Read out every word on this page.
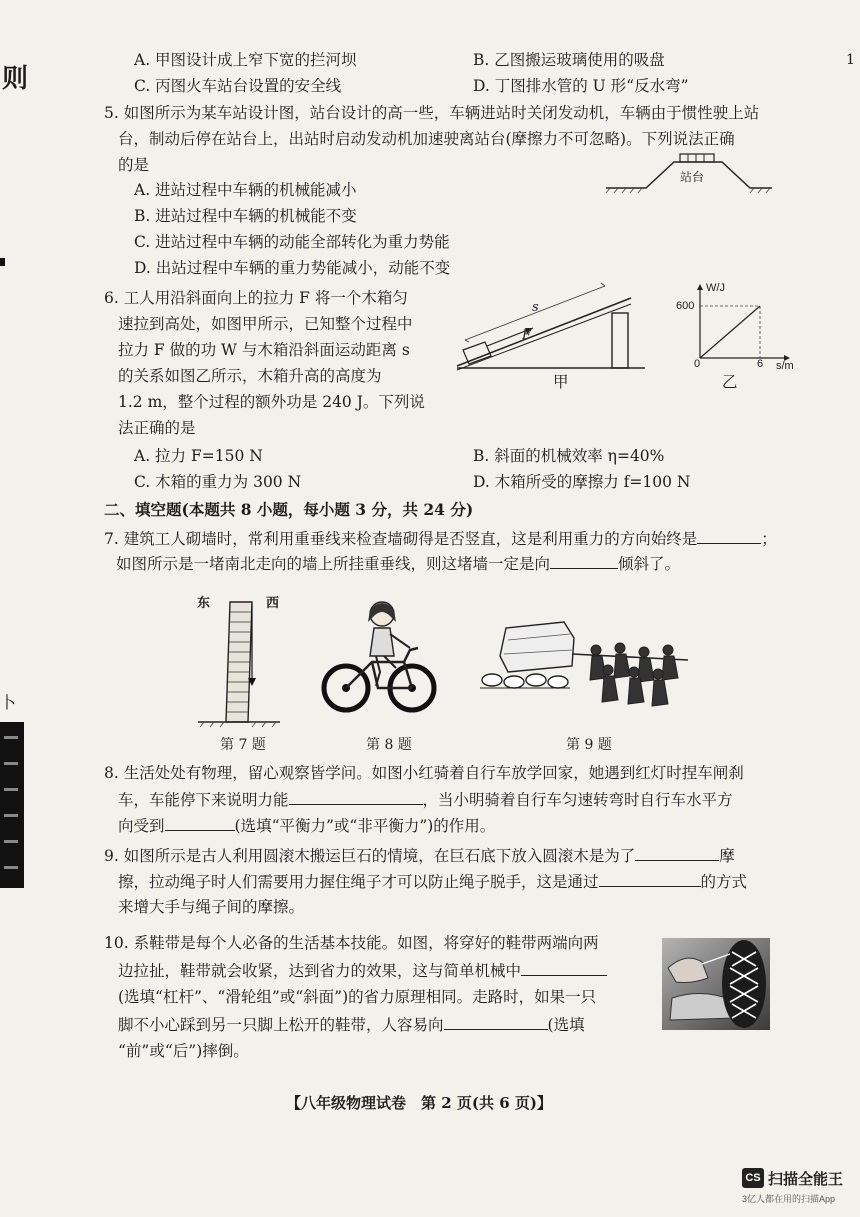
则
卜
1
A. 甲图设计成上窄下宽的拦河坝	B. 乙图搬运玻璃使用的吸盘
C. 丙图火车站台设置的安全线	D. 丁图排水管的 U 形“反水弯”
5. 如图所示为某车站设计图，站台设计的高一些，车辆进站时关闭发动机，车辆由于惯性驶上站
台，制动后停在站台上，出站时启动发动机加速驶离站台(摩擦力不可忽略)。下列说法正确
的是
A. 进站过程中车辆的机械能减小
B. 进站过程中车辆的机械能不变
C. 进站过程中车辆的动能全部转化为重力势能
D. 出站过程中车辆的重力势能减小，动能不变
站台
6. 工人用沿斜面向上的拉力 F 将一个木箱匀
速拉到高处，如图甲所示，已知整个过程中
拉力 F 做的功 W 与木箱沿斜面运动距离 s
的关系如图乙所示，木箱升高的高度为
1.2 m，整个过程的额外功是 240 J。下列说
法正确的是
s
F
甲
W/J
600
0	6 s/m
乙
A. 拉力 F=150 N	B. 斜面的机械效率 η=40%
C. 木箱的重力为 300 N	D. 木箱所受的摩擦力 f=100 N
二、填空题(本题共 8 小题，每小题 3 分，共 24 分)
7. 建筑工人砌墙时，常利用重垂线来检查墙砌得是否竖直，这是利用重力的方向始终是	；
如图所示是一堵南北走向的墙上所挂重垂线，则这堵墙一定是向	倾斜了。
东	西
第 7 题	第 8 题	第 9 题
8. 生活处处有物理，留心观察皆学问。如图小红骑着自行车放学回家，她遇到红灯时捏车闸刹
车，车能停下来说明力能	，当小明骑着自行车匀速转弯时自行车水平方
向受到	(选填“平衡力”或“非平衡力”)的作用。
9. 如图所示是古人利用圆滚木搬运巨石的情境，在巨石底下放入圆滚木是为了	摩
擦，拉动绳子时人们需要用力握住绳子才可以防止绳子脱手，这是通过	的方式
来增大手与绳子间的摩擦。
10. 系鞋带是每个人必备的生活基本技能。如图，将穿好的鞋带两端向两
边拉扯，鞋带就会收紧，达到省力的效果，这与简单机械中
(选填“杠杆”、“滑轮组”或“斜面”)的省力原理相同。走路时，如果一只
脚不小心踩到另一只脚上松开的鞋带，人容易向	(选填
“前”或“后”)摔倒。
【八年级物理试卷　第 2 页(共 6 页)】
CS 扫描全能王
3亿人都在用的扫描App
